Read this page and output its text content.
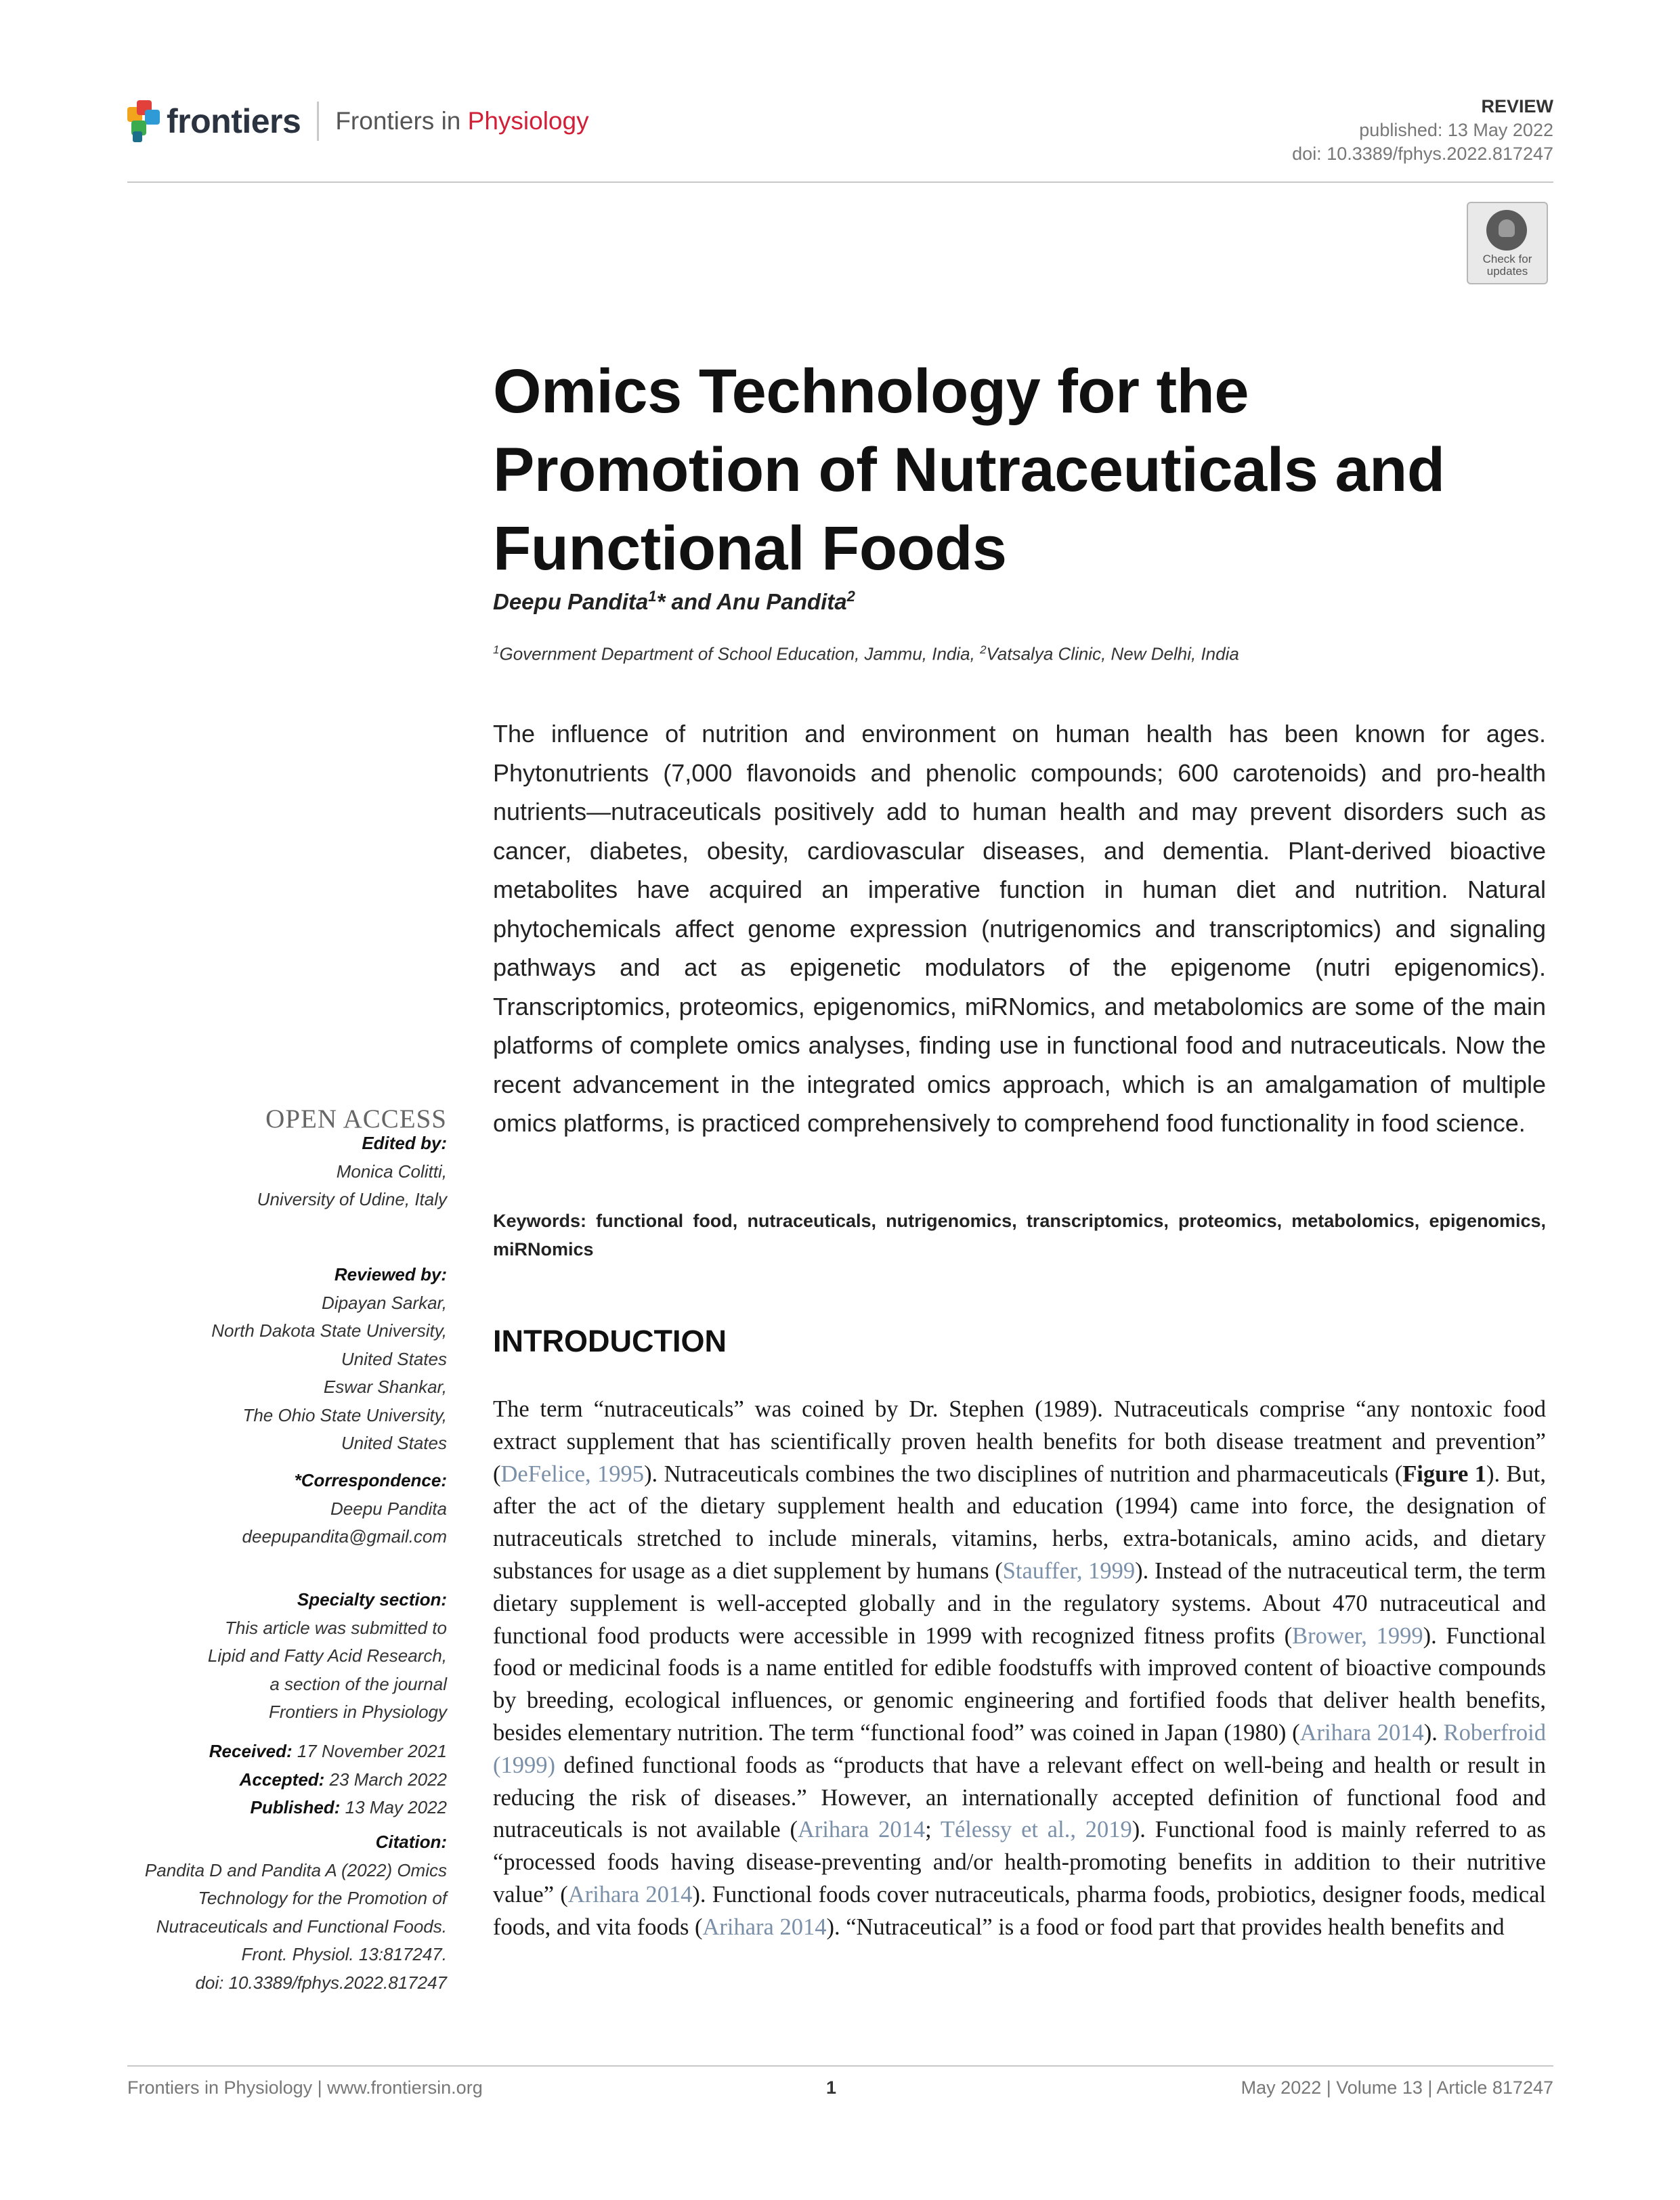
frontiers Frontiers in Physiology
REVIEW
published: 13 May 2022
doi: 10.3389/fphys.2022.817247
Check for updates
Omics Technology for the Promotion of Nutraceuticals and Functional Foods
Deepu Pandita$^1$* and Anu Pandita$^2$
$^1$Government Department of School Education, Jammu, India, $^2$Vatsalya Clinic, New Delhi, India

The influence of nutrition and environment on human health has been known for ages. Phytonutrients (7,000 flavonoids and phenolic compounds; 600 carotenoids) and pro-health nutrients—nutraceuticals positively add to human health and may prevent disorders such as cancer, diabetes, obesity, cardiovascular diseases, and dementia. Plant-derived bioactive metabolites have acquired an imperative function in human diet and nutrition. Natural phytochemicals affect genome expression (nutrigenomics and transcriptomics) and signaling pathways and act as epigenetic modulators of the epigenome (nutri epigenomics). Transcriptomics, proteomics, epigenomics, miRNomics, and metabolomics are some of the main platforms of complete omics analyses, finding use in functional food and nutraceuticals. Now the recent advancement in the integrated omics approach, which is an amalgamation of multiple omics platforms, is practiced comprehensively to comprehend food functionality in food science.

Keywords: functional food, nutraceuticals, nutrigenomics, transcriptomics, proteomics, metabolomics, epigenomics, miRNomics

INTRODUCTION

The term “nutraceuticals” was coined by Dr. Stephen (1989). Nutraceuticals comprise “any nontoxic food extract supplement that has scientifically proven health benefits for both disease treatment and prevention” (DeFelice, 1995). Nutraceuticals combines the two disciplines of nutrition and pharmaceuticals (Figure 1). But, after the act of the dietary supplement health and education (1994) came into force, the designation of nutraceuticals stretched to include minerals, vitamins, herbs, extra-botanicals, amino acids, and dietary substances for usage as a diet supplement by humans (Stauffer, 1999). Instead of the nutraceutical term, the term dietary supplement is well-accepted globally and in the regulatory systems. About 470 nutraceutical and functional food products were accessible in 1999 with recognized fitness profits (Brower, 1999). Functional food or medicinal foods is a name entitled for edible foodstuffs with improved content of bioactive compounds by breeding, ecological influences, or genomic engineering and fortified foods that deliver health benefits, besides elementary nutrition. The term “functional food” was coined in Japan (1980) (Arihara 2014). Roberfroid (1999) defined functional foods as “products that have a relevant effect on well-being and health or result in reducing the risk of diseases.” However, an internationally accepted definition of functional food and nutraceuticals is not available (Arihara 2014; Télessy et al., 2019). Functional food is mainly referred to as “processed foods having disease-preventing and/or health-promoting benefits in addition to their nutritive value” (Arihara 2014). Functional foods cover nutraceuticals, pharma foods, probiotics, designer foods, medical foods, and vita foods (Arihara 2014). “Nutraceutical” is a food or food part that provides health benefits and

OPEN ACCESS
Edited by:
Monica Colitti,
University of Udine, Italy
Reviewed by:
Dipayan Sarkar,
North Dakota State University,
United States
Eswar Shankar,
The Ohio State University,
United States
*Correspondence:
Deepu Pandita
deepupandita@gmail.com
Specialty section:
This article was submitted to
Lipid and Fatty Acid Research,
a section of the journal
Frontiers in Physiology
Received: 17 November 2021
Accepted: 23 March 2022
Published: 13 May 2022
Citation:
Pandita D and Pandita A (2022) Omics
Technology for the Promotion of
Nutraceuticals and Functional Foods.
Front. Physiol. 13:817247.
doi: 10.3389/fphys.2022.817247
Frontiers in Physiology | www.frontiersin.org	1	May 2022 | Volume 13 | Article 817247
